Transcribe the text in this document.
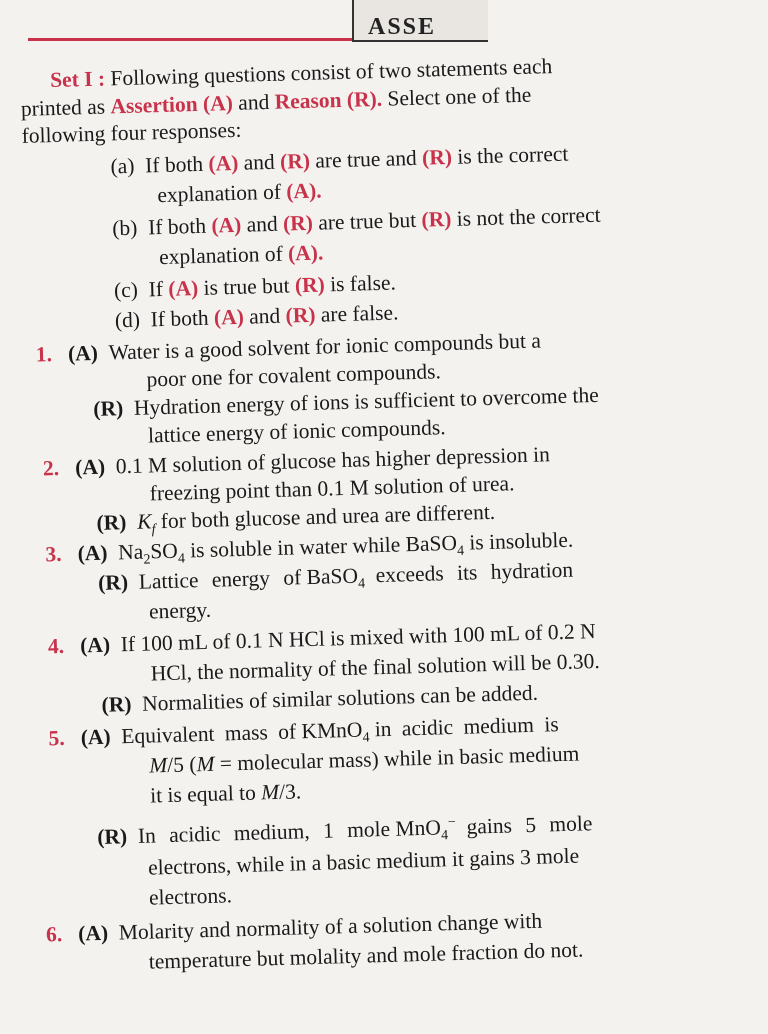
ASSE
Set I : Following questions consist of two statements each
printed as Assertion (A) and Reason (R). Select one of the
following four responses:
(a)  If both (A) and (R) are true and (R) is the correct
explanation of (A).
(b)  If both (A) and (R) are true but (R) is not the correct
explanation of (A).
(c)  If (A) is true but (R) is false.
(d)  If both (A) and (R) are false.
1. (A) Water is a good solvent for ionic compounds but a
poor one for covalent compounds.
(R) Hydration energy of ions is sufficient to overcome the
lattice energy of ionic compounds.
2. (A) 0.1 M solution of glucose has higher depression in
freezing point than 0.1 M solution of urea.
(R) $K_f$ for both glucose and urea are different.
3. (A)  $Na_2SO_4$ is soluble in water while BaSO$_4$ is insoluble.
(R) Lattice energy of BaSO$_4$ exceeds its hydration
energy.
4. (A) If 100 mL of 0.1 N HCl is mixed with 100 mL of 0.2 N
HCl, the normality of the final solution will be 0.30.
(R) Normalities of similar solutions can be added.
5. (A) Equivalent mass of KMnO$_4$ in acidic medium is
M/5 (M = molecular mass) while in basic medium
it is equal to M/3.
(R) In acidic medium, 1 mole MnO$_4$− gains 5 mole
electrons, while in a basic medium it gains 3 mole
electrons.
6. (A) Molarity and normality of a solution change with
temperature but molality and mole fraction do not.
